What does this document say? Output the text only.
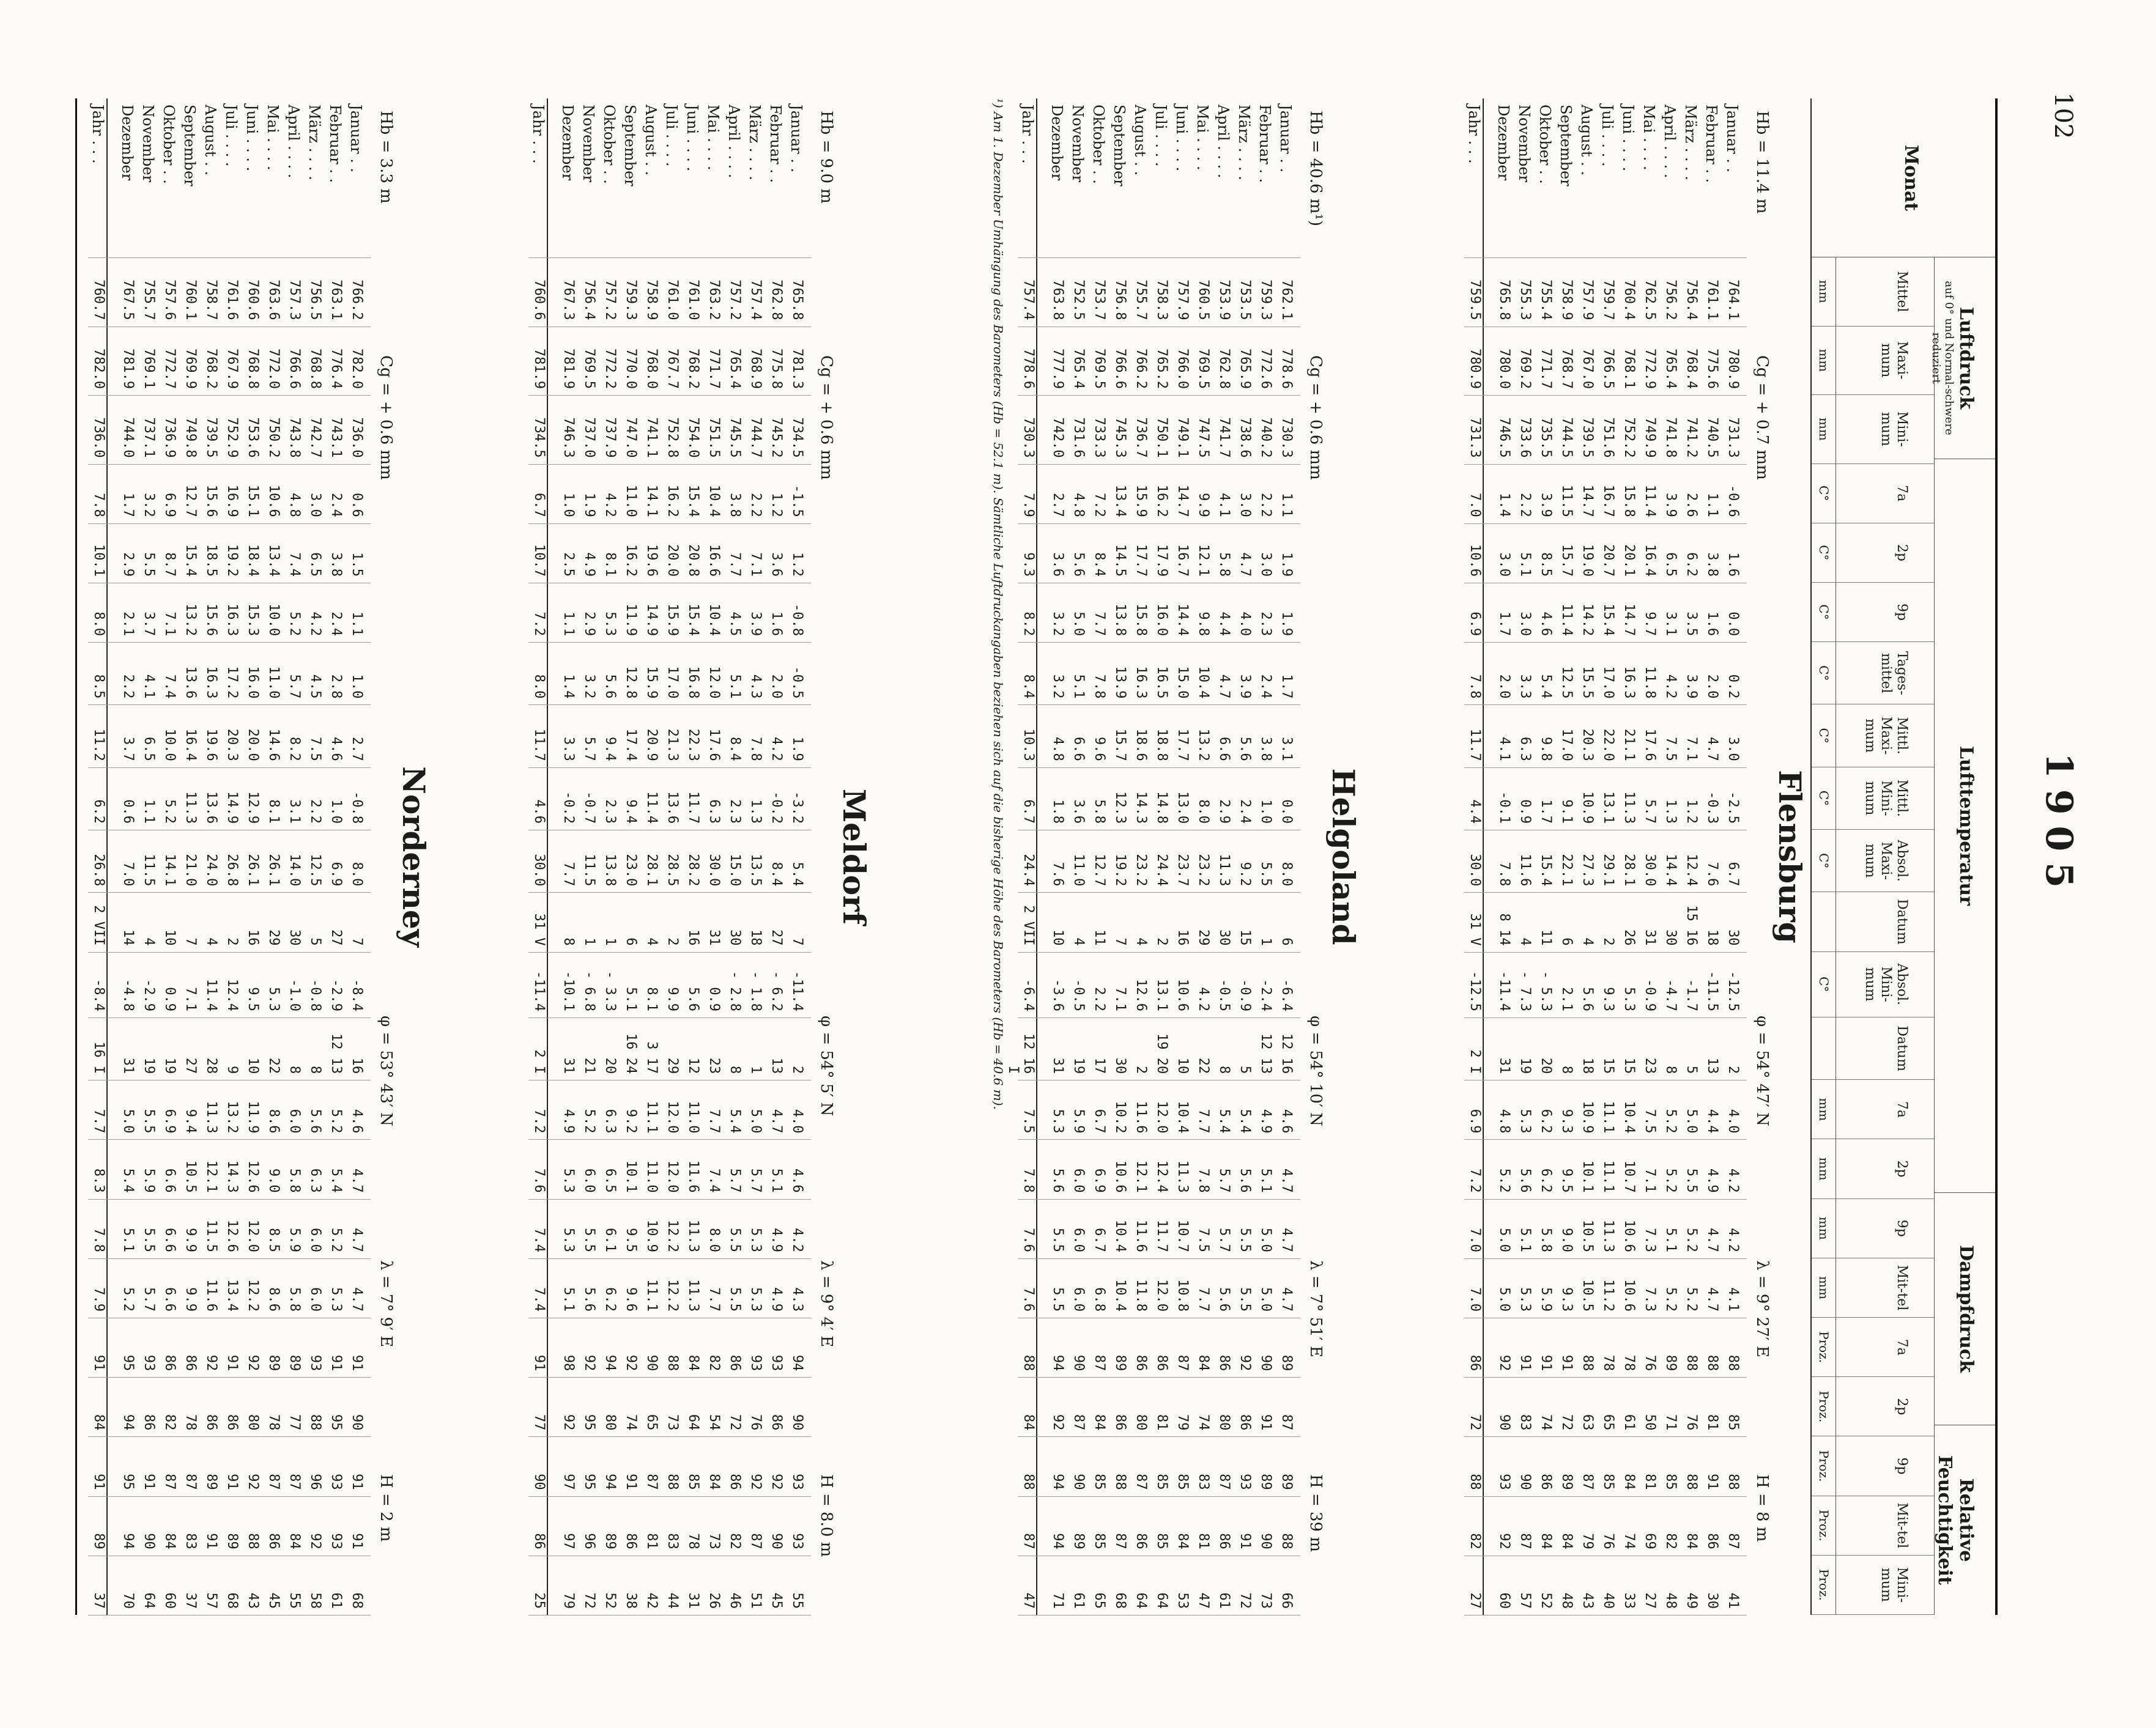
102
1905
Monat
Luftdruck
auf 0° und Normal-schwere reduziert
Lufttemperatur
Dampfdruck
Relative Feuchtigkeit
Mittel
mm
Maxi-mum
mm
Mini-mum
mm
7a
C°
2p
C°
9p
C°
Tages-mittel
C°
Mittl. Maxi-mum
C°
Mittl. Mini-mum
C°
Absol. Maxi-mum
C°
Datum
Absol. Mini-mum
C°
Datum
7a
mm
2p
mm
9p
mm
Mit-tel
mm
7a
Proz.
2p
Proz.
9p
Proz.
Mit-tel
Proz.
Mini-mum
Proz.
Flensburg
Hb = 11.4 m
Cg = + 0.7 mm
φ = 54° 47′ N
λ = 9° 27′ E
H = 8 m
Januar . .
764.1
780.9
731.3
-0.6
1.6
0.0
0.2
3.0
-2.5
6.7
30
-12.5
2
4.0
4.2
4.2
4.1
88
85
88
87
41
Februar . .
761.1
775.6
740.5
1.1
3.8
1.6
2.0
4.7
-0.3
7.6
18
-11.5
13
4.4
4.9
4.7
4.7
88
81
91
86
30
März . . . .
756.4
768.4
741.2
2.6
6.2
3.5
3.9
7.1
1.2
12.4
15 16
-1.7
5
5.0
5.5
5.2
5.2
88
76
88
84
49
April . . . .
756.2
765.4
741.8
3.9
6.5
3.1
4.2
7.5
1.3
14.4
30
-4.7
8
5.2
5.2
5.1
5.2
89
71
85
82
48
Mai . . . .
762.5
772.9
749.9
11.4
16.4
9.7
11.8
17.6
5.7
30.0
31
-0.9
23
7.5
7.1
7.3
7.3
76
50
81
69
27
Juni . . . .
760.4
768.1
752.2
15.8
20.1
14.7
16.3
21.1
11.3
28.1
26
5.3
15
10.4
10.7
10.6
10.6
78
61
84
74
33
Juli . . . .
759.7
766.5
751.6
16.7
20.7
15.4
17.0
22.0
13.1
29.1
2
9.3
15
11.1
11.1
11.3
11.2
78
65
85
76
40
August . .
757.9
767.0
739.5
14.7
19.0
14.2
15.5
20.3
10.9
27.3
4
5.6
18
10.9
10.1
10.5
10.5
88
63
87
79
43
September
758.9
768.7
744.5
11.5
15.7
11.4
12.5
17.0
9.1
22.1
6
2.1
8
9.3
9.5
9.0
9.3
91
72
89
84
48
Oktober . .
755.4
771.7
735.5
3.9
8.5
4.6
5.4
9.8
1.7
15.4
11
- 5.3
20
6.2
6.2
5.8
5.9
91
74
86
84
52
November
755.3
769.2
733.6
2.2
5.1
3.0
3.3
6.3
0.9
11.6
4
- 7.3
19
5.3
5.6
5.1
5.3
91
83
90
87
57
Dezember
765.8
780.0
746.5
1.4
3.0
1.7
2.0
4.1
-0.1
7.8
8 14
-11.4
31
4.8
5.2
5.0
5.0
92
90
93
92
60
Jahr . . .
759.5
780.9
731.3
7.0
10.6
6.9
7.8
11.7
4.4
30.0
31 V
-12.5
2 I
6.9
7.2
7.0
7.0
86
72
88
82
27
Helgoland
Hb = 40.6 m¹)
Cg = + 0.6 mm
φ = 54° 10′ N
λ = 7° 51′ E
H = 39 m
Januar . .
762.1
778.6
730.3
1.1
1.9
1.9
1.7
3.1
0.0
8.0
6
-6.4
12 16
4.6
4.7
4.7
4.7
89
87
89
88
66
Februar . .
759.3
772.6
740.2
2.2
3.0
2.3
2.4
3.8
1.0
5.5
1
-2.4
12 13
4.9
5.1
5.0
5.0
90
91
89
90
73
März . . . .
753.5
765.9
738.6
3.0
4.7
4.0
3.9
5.6
2.4
9.2
15
-0.9
5
5.4
5.6
5.5
5.5
92
86
93
91
72
April . . . .
753.9
762.8
741.7
4.1
5.8
4.4
4.7
6.6
2.9
11.3
30
-0.5
8
5.4
5.7
5.7
5.6
86
80
87
86
61
Mai . . . .
760.5
769.5
747.5
9.9
12.1
9.8
10.4
13.2
8.0
23.2
29
4.2
22
7.7
7.8
7.5
7.7
84
74
83
81
47
Juni . . . .
757.9
766.0
749.1
14.7
16.7
14.4
15.0
17.7
13.0
23.7
16
10.6
10
10.4
11.3
10.7
10.8
87
79
85
84
53
Juli . . . .
758.3
765.2
750.1
16.2
17.9
16.0
16.5
18.8
14.8
24.4
2
13.1
19 20
12.0
12.4
11.7
12.0
86
81
85
85
64
August . .
755.7
766.2
736.7
15.9
17.7
15.8
16.3
18.6
14.3
23.2
4
12.6
2
11.6
12.1
11.6
11.8
86
80
87
86
64
September
756.8
766.6
745.3
13.4
14.5
13.8
13.9
15.7
12.3
19.2
7
7.1
30
10.2
10.6
10.4
10.4
89
86
88
87
68
Oktober . .
753.7
769.5
733.3
7.2
8.4
7.7
7.8
9.6
5.8
12.7
11
2.2
17
6.7
6.9
6.7
6.8
87
84
85
85
65
November
752.5
765.4
731.6
4.8
5.6
5.0
5.1
6.6
3.6
11.0
4
-0.5
19
5.9
6.0
6.0
6.0
90
87
90
89
61
Dezember
763.8
777.9
742.0
2.7
3.6
3.2
3.2
4.8
1.8
7.6
10
-3.6
31
5.3
5.6
5.5
5.5
94
92
94
94
71
Jahr . . .
757.4
778.6
730.3
7.9
9.3
8.2
8.4
10.3
6.7
24.4
2 VII
-6.4
12 16 I
7.5
7.8
7.6
7.6
88
84
88
87
47
¹) Am 1. Dezember Umhängung des Barometers (Hb = 52.1 m). Sämtliche Luftdruckangaben beziehen sich auf die bisherige Höhe des Barometers (Hb = 40.6 m).
Meldorf
Hb = 9.0 m
Cg = + 0.6 mm
φ = 54° 5′ N
λ = 9° 4′ E
H = 8.0 m
Januar . .
765.8
781.3
734.5
-1.5
1.2
-0.8
-0.5
1.9
-3.2
5.4
7
-11.4
2
4.0
4.6
4.2
4.3
94
90
93
93
55
Februar . .
762.8
775.8
745.2
1.2
3.6
1.6
2.0
4.2
-0.2
8.4
27
- 6.2
13
4.7
5.1
4.9
4.9
93
86
92
90
45
März . . . .
757.4
768.9
744.7
2.2
7.1
3.9
4.3
7.8
1.3
13.5
18
- 1.8
1
5.0
5.7
5.3
5.3
93
76
92
87
51
April . . . .
757.2
765.4
745.5
3.8
7.7
4.5
5.1
8.4
2.3
15.0
30
- 2.8
8
5.4
5.7
5.5
5.5
86
72
86
82
46
Mai . . . .
763.2
771.7
751.5
10.4
16.6
10.4
12.0
17.6
6.3
30.0
31
0.9
23
7.7
7.4
8.0
7.7
82
54
84
73
26
Juni . . . .
761.0
768.2
754.0
15.4
20.8
15.4
16.8
22.3
11.7
28.2
16
5.6
12
11.0
11.6
11.3
11.3
84
64
85
78
31
Juli . . . .
761.0
767.7
752.8
16.2
20.0
15.9
17.0
21.3
13.6
28.5
2
9.9
29
12.0
12.0
12.2
12.2
88
73
88
83
44
August . .
758.9
768.0
741.1
14.1
19.6
14.9
15.9
20.9
11.4
28.1
4
8.1
3 17
11.1
11.0
10.9
11.1
90
65
87
81
42
September
759.3
770.0
747.0
11.0
16.2
11.9
12.8
17.4
9.4
23.0
6
5.1
16 24
9.2
10.1
9.5
9.6
92
74
91
86
38
Oktober . .
757.2
772.2
737.9
4.2
8.1
5.3
5.6
9.4
2.3
13.8
1
- 3.3
20
6.3
6.5
6.1
6.2
94
80
94
89
52
November
756.4
769.5
737.0
1.9
4.9
2.9
3.2
5.7
-0.7
11.5
1
- 6.8
21
5.2
6.0
5.5
5.6
92
95
95
96
72
Dezember
767.3
781.9
746.3
1.0
2.5
1.1
1.4
3.3
-0.2
7.7
8
-10.1
31
4.9
5.3
5.3
5.1
98
92
97
97
79
Jahr . . .
760.6
781.9
734.5
6.7
10.7
7.2
8.0
11.7
4.6
30.0
31 V
-11.4
2 I
7.2
7.6
7.4
7.4
91
77
90
86
25
Norderney
Hb = 3.3 m
Cg = + 0.6 mm
φ = 53° 43′ N
λ = 7° 9′ E
H = 2 m
Januar . .
766.2
782.0
736.0
0.6
1.5
1.1
1.0
2.7
-0.8
8.0
7
-8.4
16
4.6
4.7
4.7
4.7
91
90
91
91
68
Februar . .
763.1
776.4
743.1
2.4
3.8
2.4
2.8
4.6
1.0
6.9
27
-2.9
12 13
5.2
5.4
5.2
5.3
91
95
93
93
61
März . . . .
756.5
768.8
742.7
3.0
6.5
4.2
4.5
7.5
2.2
12.5
5
-0.8
8
5.6
6.3
6.0
6.0
93
88
96
92
58
April . . . .
757.3
766.6
743.8
4.8
7.4
5.2
5.7
8.2
3.1
14.0
30
-1.0
8
6.0
5.8
5.9
5.8
89
77
87
84
55
Mai . . . .
763.6
772.0
750.2
10.6
13.4
10.0
11.0
14.6
8.1
26.1
29
5.3
22
8.6
9.0
8.5
8.6
89
78
87
86
45
Juni . . . .
760.6
768.8
753.6
15.1
18.4
15.3
16.0
20.0
12.9
26.1
16
9.5
10
11.9
12.6
12.0
12.2
92
80
92
88
43
Juli . . . .
761.6
767.9
752.9
16.9
19.2
16.3
17.2
20.3
14.9
26.8
2
12.4
9
13.2
14.3
12.6
13.4
91
86
91
89
68
August . .
758.7
768.2
739.5
15.6
18.5
15.6
16.3
19.6
13.6
24.0
4
11.4
28
11.3
12.1
11.5
11.6
92
86
89
91
57
September
760.1
769.9
749.8
12.7
15.4
13.2
13.6
16.4
11.3
21.0
7
7.1
27
9.4
10.5
9.9
9.9
86
78
87
83
37
Oktober . .
757.6
772.7
736.9
6.9
8.7
7.1
7.4
10.0
5.2
14.1
10
0.9
19
6.9
6.6
6.6
6.6
86
82
87
84
60
November
755.7
769.1
737.1
3.2
5.5
3.7
4.1
6.5
1.1
11.5
4
-2.9
19
5.5
5.9
5.5
5.7
93
86
91
90
64
Dezember
767.5
781.9
744.0
1.7
2.9
2.1
2.2
3.7
0.6
7.0
14
-4.8
31
5.0
5.4
5.1
5.2
95
94
95
94
70
Jahr . . .
760.7
782.0
736.0
7.8
10.1
8.0
8.5
11.2
6.2
26.8
2 VII
-8.4
16 I
7.7
8.3
7.8
7.9
91
84
91
89
37
